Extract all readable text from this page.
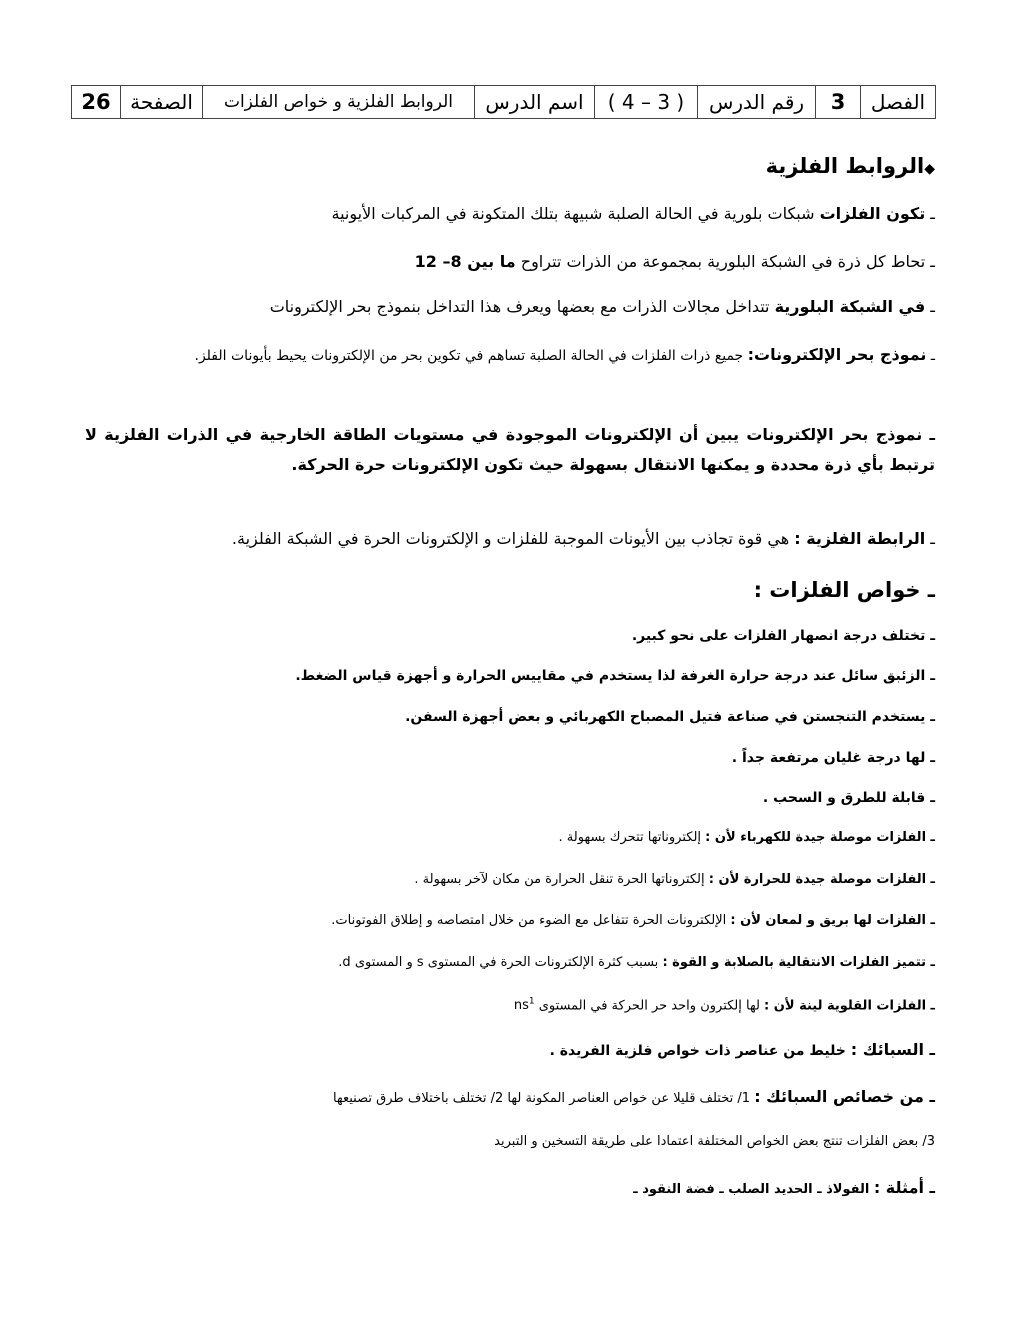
الفصل
3
رقم الدرس
( 4 – 3 )
اسم الدرس
الروابط الفلزية و خواص الفلزات
الصفحة
26
◆الروابط الفلزية
ـ تكون الفلزات شبكات بلورية في الحالة الصلبة شبيهة بتلك المتكونة في المركبات الأيونية
ـ تحاط كل ذرة في الشبكة البلورية بمجموعة من الذرات تتراوح ما بين 8– 12
ـ في الشبكة البلورية تتداخل مجالات الذرات مع بعضها ويعرف هذا التداخل بنموذج بحر الإلكترونات
ـ نموذج بحر الإلكترونات: جميع ذرات الفلزات في الحالة الصلبة تساهم في تكوين بحر من الإلكترونات يحيط بأيونات الفلز.
ـ نموذج بحر الإلكترونات يبين أن الإلكترونات الموجودة في مستويات الطاقة الخارجية في الذرات الفلزية لا ترتبط بأي ذرة محددة و يمكنها الانتقال بسهولة حيث تكون الإلكترونات حرة الحركة.
ـ الرابطة الفلزية : هي قوة تجاذب بين الأيونات الموجبة للفلزات و الإلكترونات الحرة في الشبكة الفلزية.
ـ خواص الفلزات :
ـ تختلف درجة انصهار الفلزات على نحو كبير.
ـ الزئبق سائل عند درجة حرارة الغرفة لذا يستخدم في مقاييس الحرارة و أجهزة قياس الضغط.
ـ يستخدم التنجستن في صناعة فتيل المصباح الكهربائي و بعض أجهزة السفن.
ـ لها درجة غليان مرتفعة جداً .
ـ قابلة للطرق و السحب .
ـ الفلزات موصلة جيدة للكهرباء لأن : إلكتروناتها تتحرك بسهولة .
ـ الفلزات موصلة جيدة للحرارة لأن : إلكتروناتها الحرة تنقل الحرارة من مكان لآخر بسهولة .
ـ الفلزات لها بريق و لمعان لأن : الإلكترونات الحرة تتفاعل مع الضوء من خلال امتصاصه و إطلاق الفوتونات.
ـ تتميز الفلزات الانتقالية بالصلابة و القوة : بسبب كثرة الإلكترونات الحرة في المستوى s و المستوى d.
ـ الفلزات القلوية لينة لأن : لها إلكترون واحد حر الحركة في المستوى $ns^1$
ـ السبائك : خليط من عناصر ذات خواص فلزية الفريدة .
ـ من خصائص السبائك : 1/ تختلف قليلا عن خواص العناصر المكونة لها 2/ تختلف باختلاف طرق تصنيعها
3/ بعض الفلزات تنتج بعض الخواص المختلفة اعتمادا على طريقة التسخين و التبريد
ـ أمثلة : الفولاذ ـ الحديد الصلب ـ فضة النقود ـ
